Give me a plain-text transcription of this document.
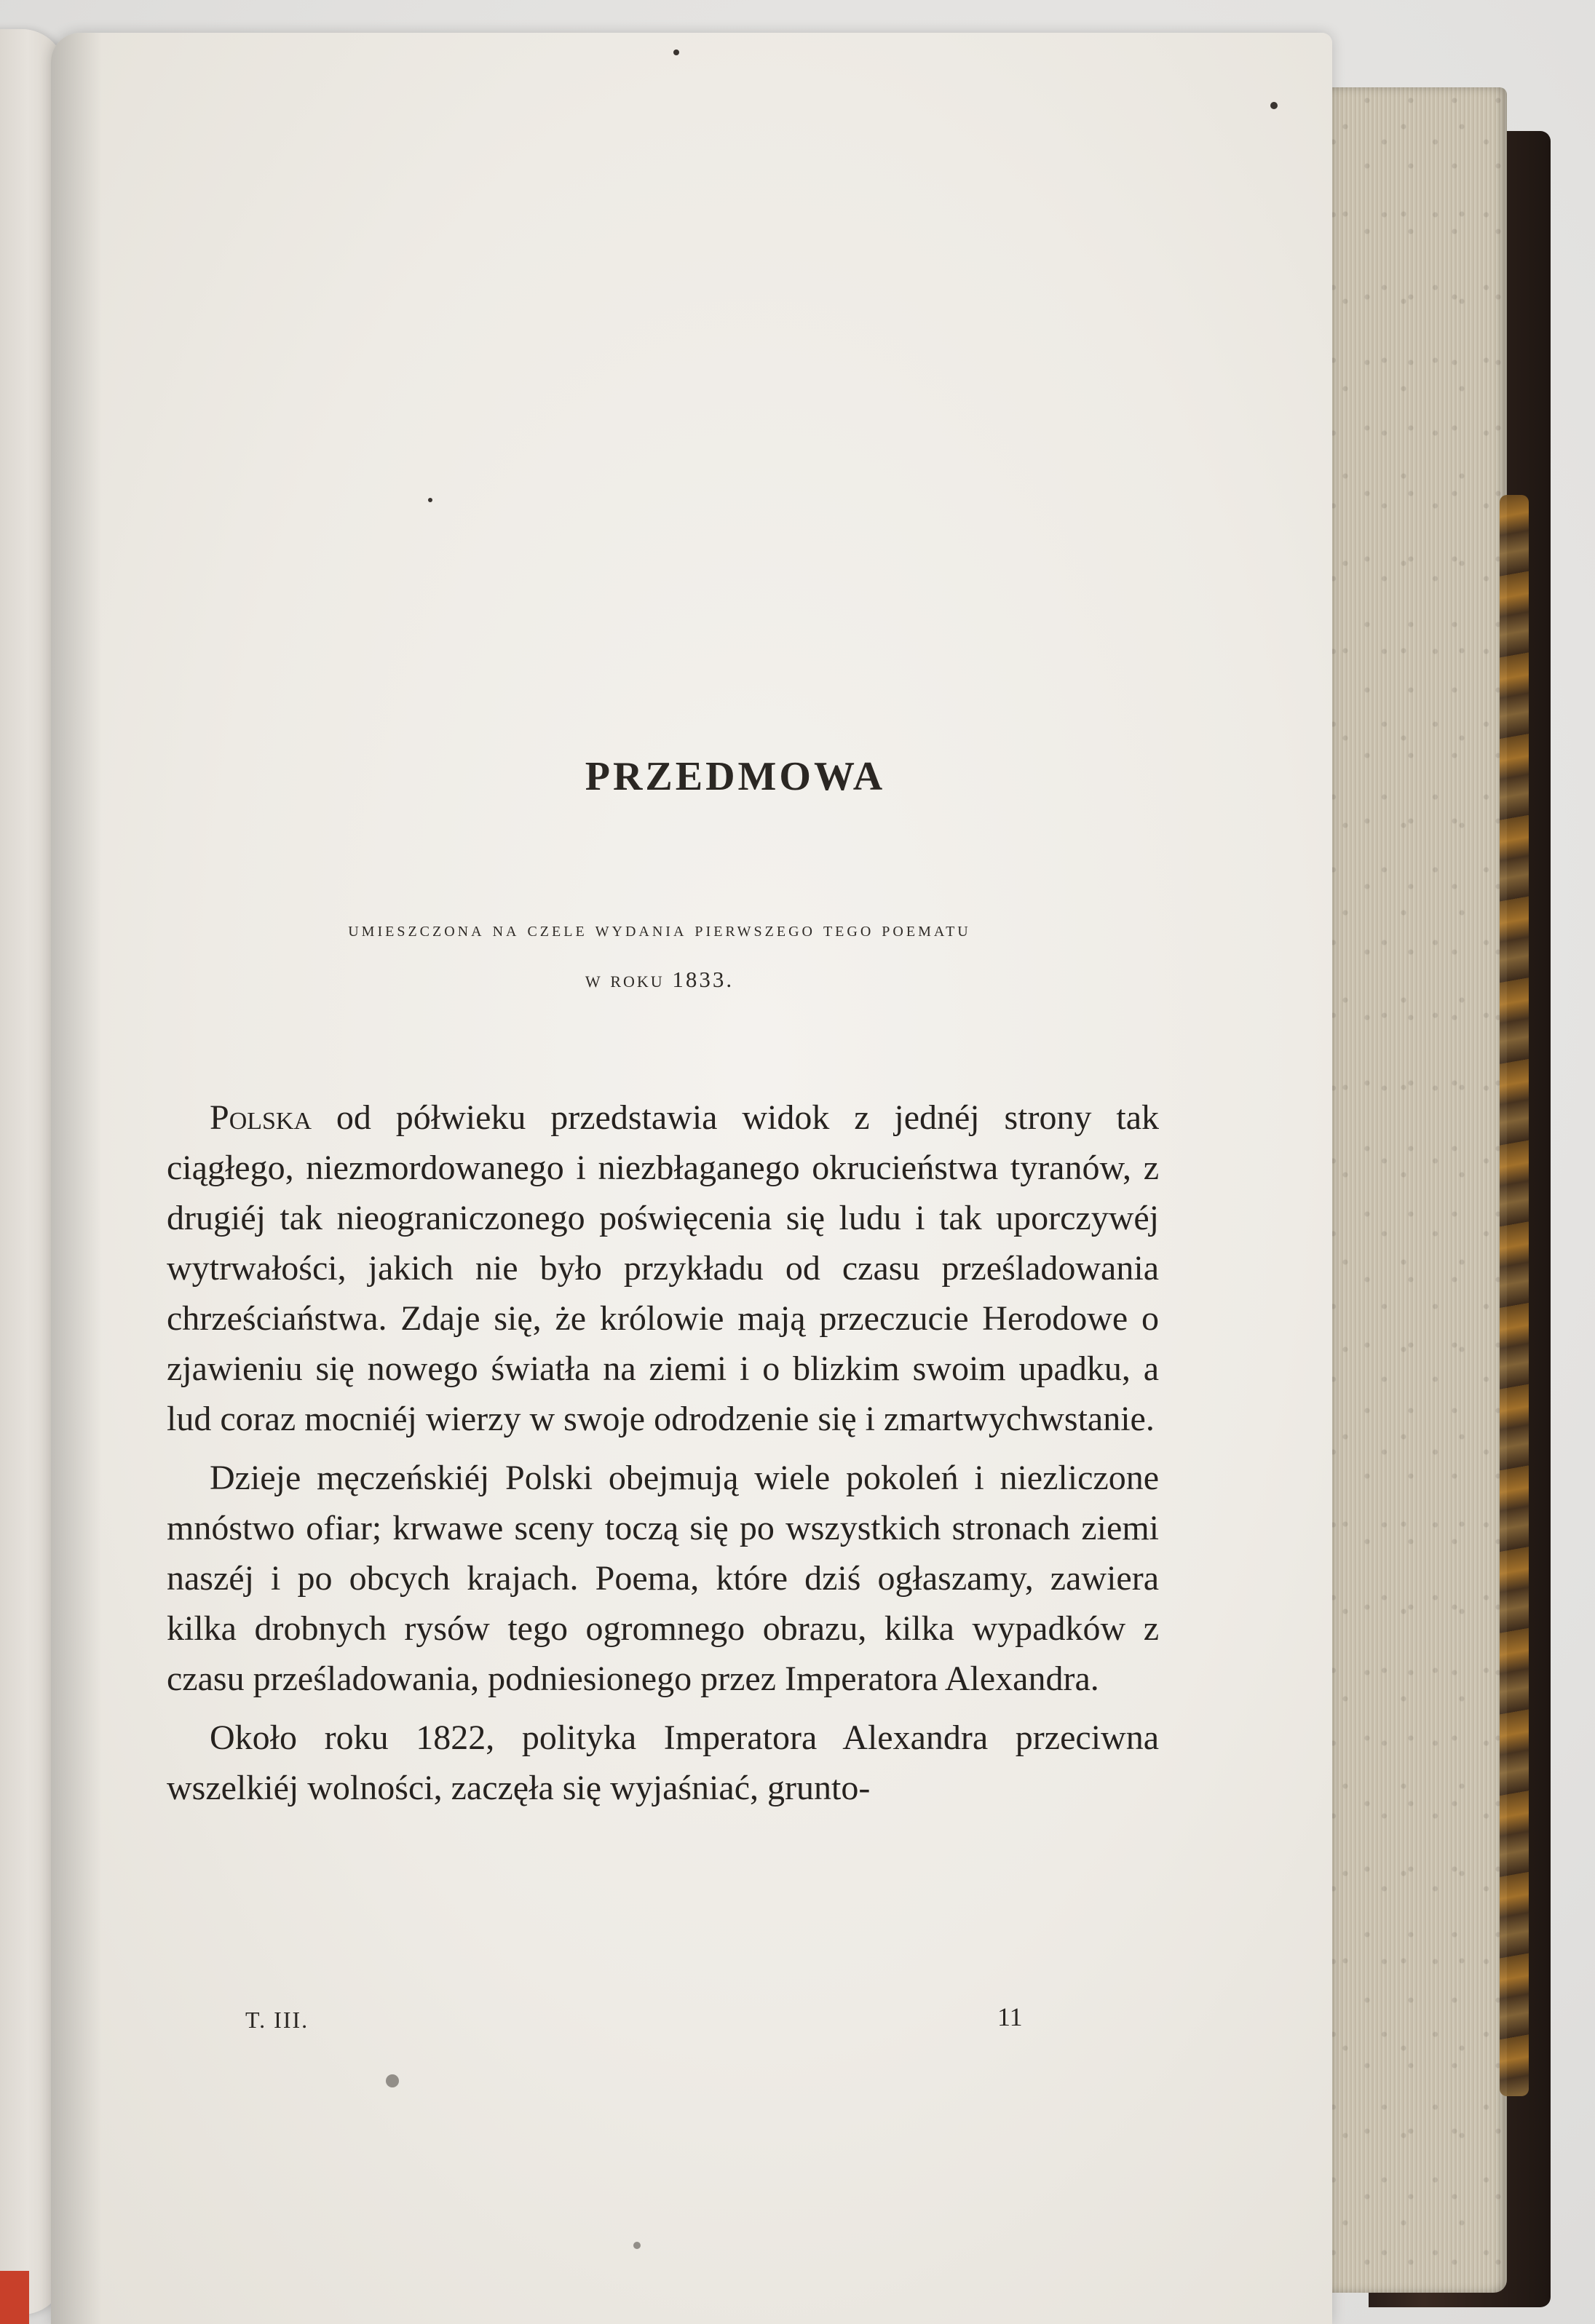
PRZEDMOWA
umieszczona na czele wydania pierwszego tego poematu
w roku 1833.

Polska od półwieku przedstawia widok z jednéj strony tak ciągłego, niezmordowanego i niezbłaganego okrucieństwa tyranów, z drugiéj tak nieograniczonego poświęcenia się ludu i tak uporczywéj wytrwałości, jakich nie było przykładu od czasu prześladowania chrześciaństwa. Zdaje się, że królowie mają przeczucie Herodowe o zjawieniu się nowego światła na ziemi i o blizkim swoim upadku, a lud coraz mocniéj wierzy w swoje odrodzenie się i zmartwychwstanie.

Dzieje męczeńskiéj Polski obejmują wiele pokoleń i niezliczone mnóstwo ofiar; krwawe sceny toczą się po wszystkich stronach ziemi naszéj i po obcych krajach. Poema, które dziś ogłaszamy, zawiera kilka drobnych rysów tego ogromnego obrazu, kilka wypadków z czasu prześladowania, podniesionego przez Imperatora Alexandra.

Około roku 1822, polityka Imperatora Alexandra przeciwna wszelkiéj wolności, zaczęła się wyjaśniać, grunto-

T. III.	11
